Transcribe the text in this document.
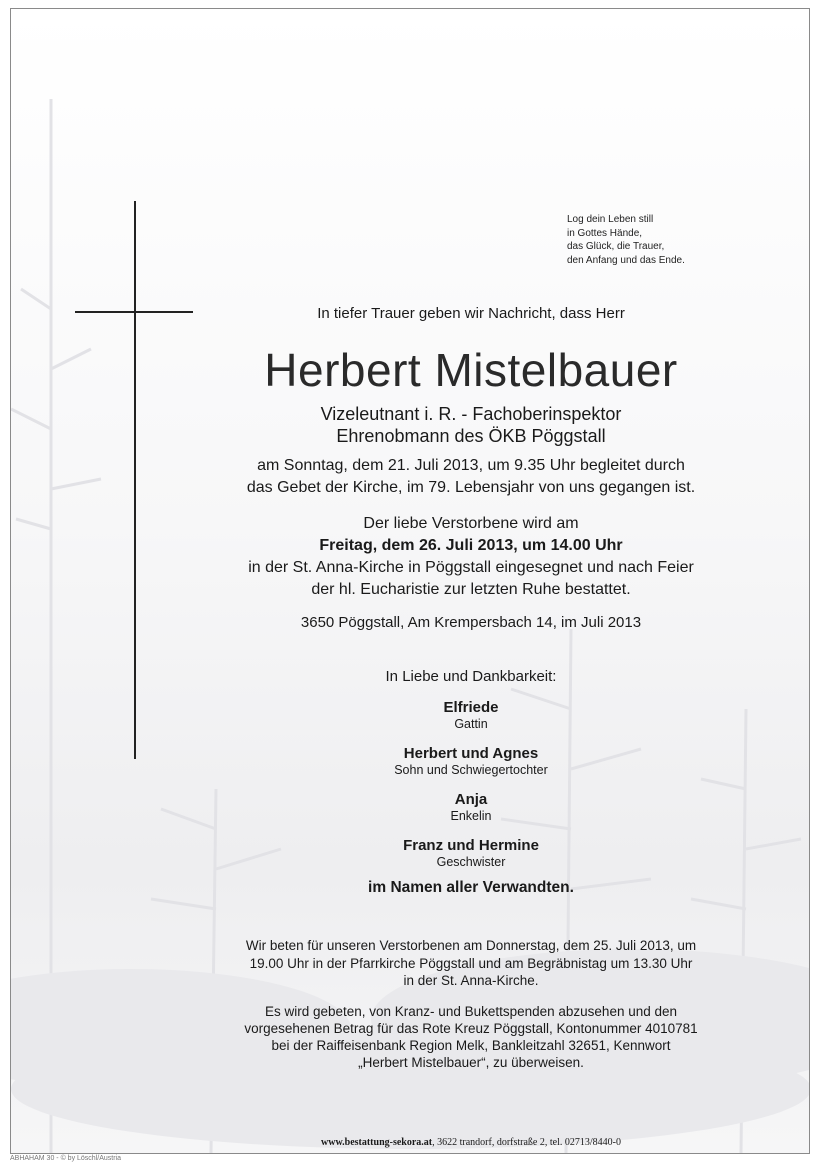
Log dein Leben still
in Gottes Hände,
das Glück, die Trauer,
den Anfang und das Ende.
In tiefer Trauer geben wir Nachricht, dass Herr
Herbert Mistelbauer
Vizeleutnant i. R. - Fachoberinspektor
Ehrenobmann des ÖKB Pöggstall
am Sonntag, dem 21. Juli 2013, um 9.35 Uhr begleitet durch
das Gebet der Kirche, im 79. Lebensjahr von uns gegangen ist.
Der liebe Verstorbene wird am
Freitag, dem 26. Juli 2013, um 14.00 Uhr
in der St. Anna-Kirche in Pöggstall eingesegnet und nach Feier
der hl. Eucharistie zur letzten Ruhe bestattet.
3650 Pöggstall, Am Krempersbach 14, im Juli 2013
In Liebe und Dankbarkeit:
Elfriede
Gattin
Herbert und Agnes
Sohn und Schwiegertochter
Anja
Enkelin
Franz und Hermine
Geschwister
im Namen aller Verwandten.
Wir beten für unseren Verstorbenen am Donnerstag, dem 25. Juli 2013, um
19.00 Uhr in der Pfarrkirche Pöggstall und am Begräbnistag um 13.30 Uhr
in der St. Anna-Kirche.
Es wird gebeten, von Kranz- und Bukettspenden abzusehen und den
vorgesehenen Betrag für das Rote Kreuz Pöggstall, Kontonummer 4010781
bei der Raiffeisenbank Region Melk, Bankleitzahl 32651, Kennwort
„Herbert Mistelbauer“, zu überweisen.
www.bestattung-sekora.at, 3622 trandorf, dorfstraße 2, tel. 02713/8440-0
ABHAHAM 30 - © by Löschl/Austria
